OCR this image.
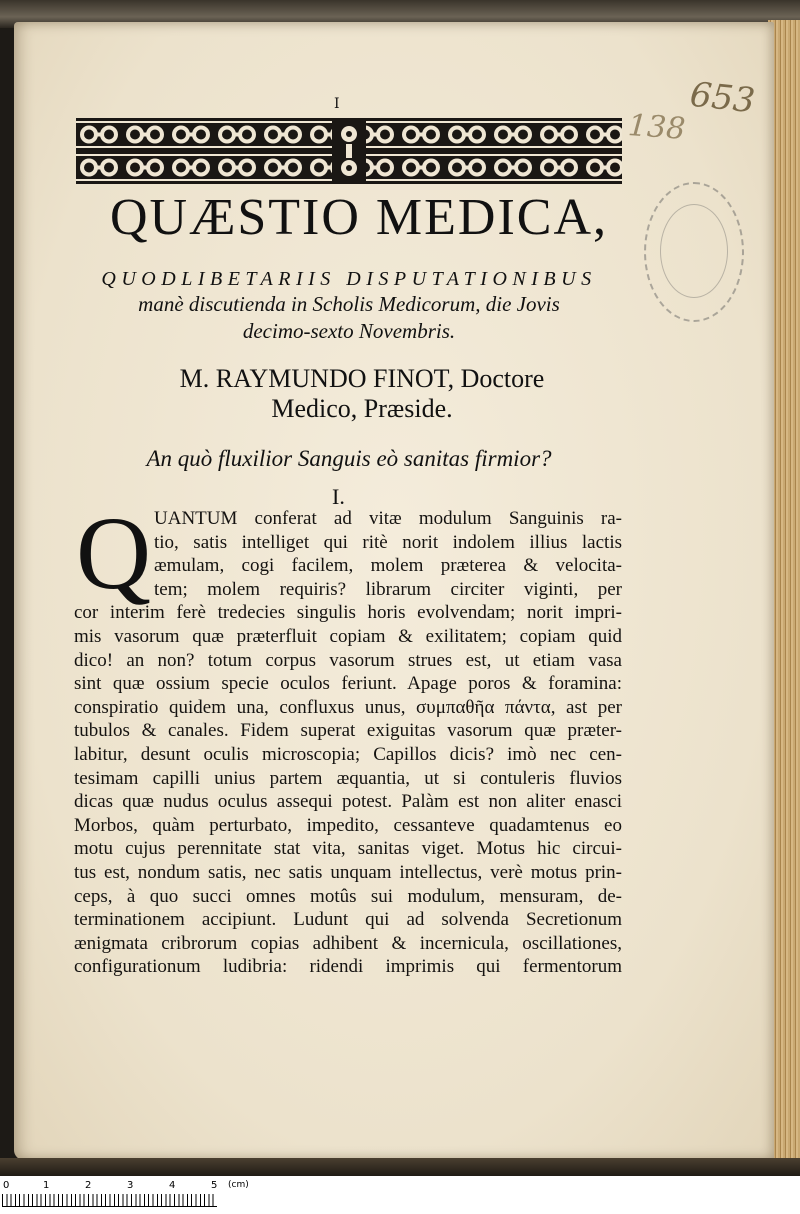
653
138
I
QUÆSTIO MEDICA,
QUODLIBETARIIS DISPUTATIONIBUS
manè discutienda in Scholis Medicorum, die Jovis
decimo-sexto Novembris.
M. RAYMUNDO FINOT, Doctore
Medico, Præside.
An quò fluxilior Sanguis eò sanitas firmior?
I.
Q UANTUM conferat ad vitæ modulum Sanguinis ra-
tio, satis intelliget qui ritè norit indolem illius lactis
æmulam, cogi facilem, molem præterea & velocita-
tem; molem requiris? librarum circiter viginti, per
cor interim ferè tredecies singulis horis evolvendam; norit impri-
mis vasorum quæ præterfluit copiam & exilitatem; copiam quid
dico! an non? totum corpus vasorum strues est, ut etiam vasa
sint quæ ossium specie oculos feriunt. Apage poros & foramina:
conspiratio quidem una, confluxus unus, συμπαθῆα πάντα, ast per
tubulos & canales. Fidem superat exiguitas vasorum quæ præter-
labitur, desunt oculis microscopia; Capillos dicis? imò nec cen-
tesimam capilli unius partem æquantia, ut si contuleris fluvios
dicas quæ nudus oculus assequi potest. Palàm est non aliter enasci
Morbos, quàm perturbato, impedito, cessanteve quadamtenus eo
motu cujus perennitate stat vita, sanitas viget. Motus hic circui-
tus est, nondum satis, nec satis unquam intellectus, verè motus prin-
ceps, à quo succi omnes motûs sui modulum, mensuram, de-
terminationem accipiunt. Ludunt qui ad solvenda Secretionum
ænigmata cribrorum copias adhibent & incernicula, oscillationes,
configurationum ludibria: ridendi imprimis qui fermentorum
0	1	2	3	4	5 (cm)
